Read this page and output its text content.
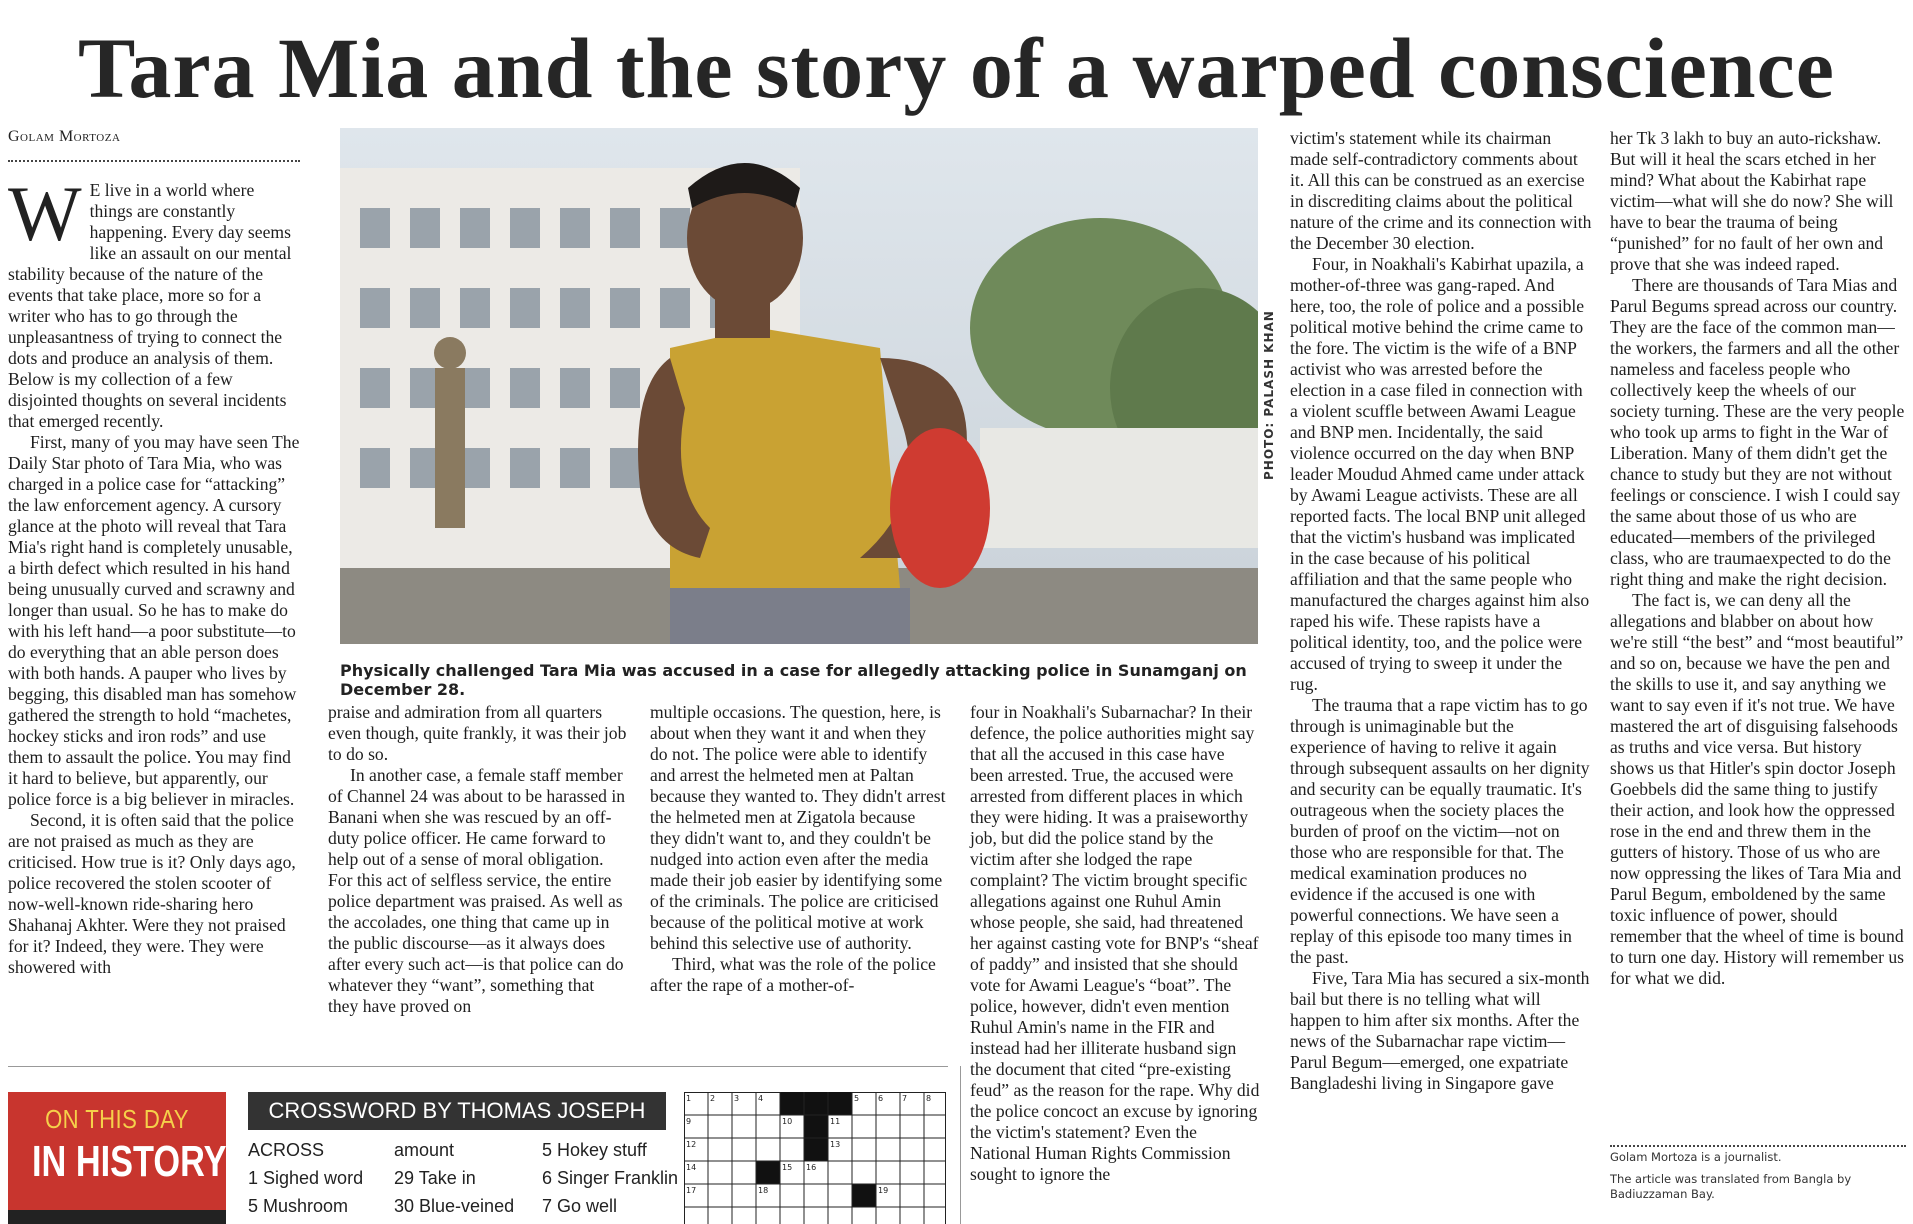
Tara Mia and the story of a warped conscience
Golam Mortoza

W E live in a world where things are constantly happening. Every day seems like an assault on our mental stability because of the nature of the events that take place, more so for a writer who has to go through the unpleasantness of trying to connect the dots and produce an analysis of them. Below is my collection of a few disjointed thoughts on several incidents that emerged recently.

First, many of you may have seen The Daily Star photo of Tara Mia, who was charged in a police case for “attacking” the law enforcement agency. A cursory glance at the photo will reveal that Tara Mia's right hand is completely unusable, a birth defect which resulted in his hand being unusually curved and scrawny and longer than usual. So he has to make do with his left hand—a poor substitute—to do everything that an able person does with both hands. A pauper who lives by begging, this disabled man has somehow gathered the strength to hold “machetes, hockey sticks and iron rods” and use them to assault the police. You may find it hard to believe, but apparently, our police force is a big believer in miracles.

Second, it is often said that the police are not praised as much as they are criticised. How true is it? Only days ago, police recovered the stolen scooter of now-well-known ride-sharing hero Shahanaj Akhter. Were they not praised for it? Indeed, they were. They were showered with

PHOTO: PALASH KHAN
Physically challenged Tara Mia was accused in a case for allegedly attacking police in Sunamganj on December 28.

praise and admiration from all quarters even though, quite frankly, it was their job to do so.

In another case, a female staff member of Channel 24 was about to be harassed in Banani when she was rescued by an off-duty police officer. He came forward to help out of a sense of moral obligation. For this act of selfless service, the entire police department was praised. As well as the accolades, one thing that came up in the public discourse—as it always does after every such act—is that police can do whatever they “want”, something that they have proved on

multiple occasions. The question, here, is about when they want it and when they do not. The police were able to identify and arrest the helmeted men at Paltan because they wanted to. They didn't arrest the helmeted men at Zigatola because they didn't want to, and they couldn't be nudged into action even after the media made their job easier by identifying some of the criminals. The police are criticised because of the political motive at work behind this selective use of authority.

Third, what was the role of the police after the rape of a mother-of-

four in Noakhali's Subarnachar? In their defence, the police authorities might say that all the accused in this case have been arrested. True, the accused were arrested from different places in which they were hiding. It was a praiseworthy job, but did the police stand by the victim after she lodged the rape complaint? The victim brought specific allegations against one Ruhul Amin whose people, she said, had threatened her against casting vote for BNP's “sheaf of paddy” and insisted that she should vote for Awami League's “boat”. The police, however, didn't even mention Ruhul Amin's name in the FIR and instead had her illiterate husband sign the document that cited “pre-existing feud” as the reason for the rape. Why did the police concoct an excuse by ignoring the victim's statement? Even the National Human Rights Commission sought to ignore the

victim's statement while its chairman made self-contradictory comments about it. All this can be construed as an exercise in discrediting claims about the political nature of the crime and its connection with the December 30 election.

Four, in Noakhali's Kabirhat upazila, a mother-of-three was gang-raped. And here, too, the role of police and a possible political motive behind the crime came to the fore. The victim is the wife of a BNP activist who was arrested before the election in a case filed in connection with a violent scuffle between Awami League and BNP men. Incidentally, the said violence occurred on the day when BNP leader Moudud Ahmed came under attack by Awami League activists. These are all reported facts. The local BNP unit alleged that the victim's husband was implicated in the case because of his political affiliation and that the same people who manufactured the charges against him also raped his wife. These rapists have a political identity, too, and the police were accused of trying to sweep it under the rug.

The trauma that a rape victim has to go through is unimaginable but the experience of having to relive it again through subsequent assaults on her dignity and security can be equally traumatic. It's outrageous when the society places the burden of proof on the victim—not on those who are responsible for that. The medical examination produces no evidence if the accused is one with powerful connections. We have seen a replay of this episode too many times in the past.

Five, Tara Mia has secured a six-month bail but there is no telling what will happen to him after six months. After the news of the Subarnachar rape victim—Parul Begum—emerged, one expatriate Bangladeshi living in Singapore gave

her Tk 3 lakh to buy an auto-rickshaw. But will it heal the scars etched in her mind? What about the Kabirhat rape victim—what will she do now? She will have to bear the trauma of being “punished” for no fault of her own and prove that she was indeed raped.

There are thousands of Tara Mias and Parul Begums spread across our country. They are the face of the common man—the workers, the farmers and all the other nameless and faceless people who collectively keep the wheels of our society turning. These are the very people who took up arms to fight in the War of Liberation. Many of them didn't get the chance to study but they are not without feelings or conscience. I wish I could say the same about those of us who are educated—members of the privileged class, who are traumaexpected to do the right thing and make the right decision.

The fact is, we can deny all the allegations and blabber on about how we're still “the best” and “most beautiful” and so on, because we have the pen and the skills to use it, and say anything we want to say even if it's not true. We have mastered the art of disguising falsehoods as truths and vice versa. But history shows us that Hitler's spin doctor Joseph Goebbels did the same thing to justify their action, and look how the oppressed rose in the end and threw them in the gutters of history. Those of us who are now oppressing the likes of Tara Mia and Parul Begum, emboldened by the same toxic influence of power, should remember that the wheel of time is bound to turn one day. History will remember us for what we did.

Golam Mortoza is a journalist.
The article was translated from Bangla by Badiuzzaman Bay.
ON THIS DAY
IN HISTORY
CROSSWORD BY THOMAS JOSEPH
ACROSS
1 Sighed word
5 Mushroom
amount
29 Take in
30 Blue-veined
5 Hokey stuff
6 Singer Franklin
7 Go well
1 2 3 4	5 6 7 8
9	10	11
12	13
14	15 16
17	18	19
